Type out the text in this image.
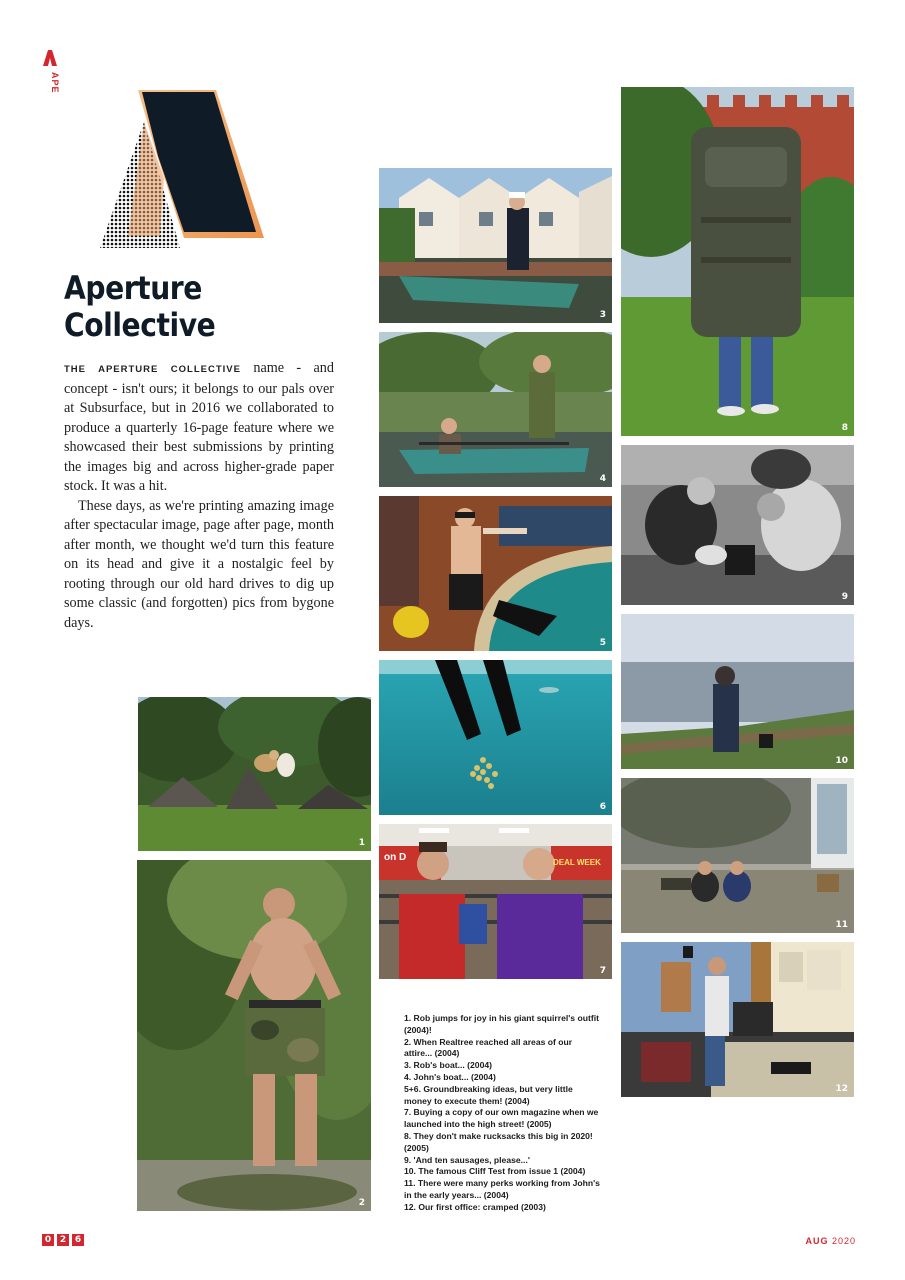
APE
Aperture
Collective

THE APERTURE COLLECTIVE name - and concept - isn't ours; it belongs to our pals over at Subsurface, but in 2016 we collaborated to produce a quarterly 16-page feature where we showcased their best submissions by printing the images big and across higher-grade paper stock. It was a hit.

These days, as we're printing amazing image after spectacular image, page after page, month after month, we thought we'd turn this feature on its head and give it a nostalgic feel by rooting through our old hard drives to dig up some classic (and forgotten) pics from bygone days.

1
2
3
4
5
6
on D	DEAL WEEK
7
8
9
10
11
12
1. Rob jumps for joy in his giant squirrel's outfit (2004)!
2. When Realtree reached all areas of our attire... (2004)
3. Rob's boat... (2004)
4. John's boat... (2004)
5+6. Groundbreaking ideas, but very little money to execute them! (2004)
7. Buying a copy of our own magazine when we launched into the high street! (2005)
8. They don't make rucksacks this big in 2020! (2005)
9. 'And ten sausages, please...'
10. The famous Cliff Test from issue 1 (2004)
11. There were many perks working from John's in the early years... (2004)
12. Our first office: cramped (2003)
0 2 6	AUG 2020
